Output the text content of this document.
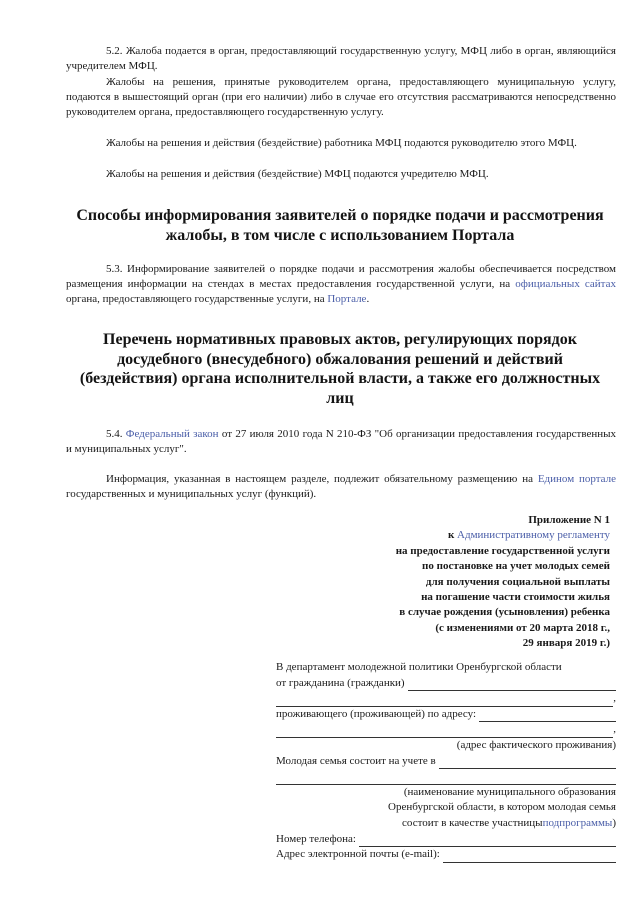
5.2. Жалоба подается в орган, предоставляющий государственную услугу, МФЦ либо в орган, являющийся учредителем МФЦ.

Жалобы на решения, принятые руководителем органа, предоставляющего муниципальную услугу, подаются в вышестоящий орган (при его наличии) либо в случае его отсутствия рассматриваются непосредственно руководителем органа, предоставляющего государственную услугу.

Жалобы на решения и действия (бездействие) работника МФЦ подаются руководителю этого МФЦ.

Жалобы на решения и действия (бездействие) МФЦ подаются учредителю МФЦ.

Способы информирования заявителей о порядке подачи и рассмотрения жалобы, в том числе с использованием Портала

5.3. Информирование заявителей о порядке подачи и рассмотрения жалобы обеспечивается посредством размещения информации на стендах в местах предоставления государственной услуги, на официальных сайтах органа, предоставляющего государственные услуги, на Портале.

Перечень нормативных правовых актов, регулирующих порядок досудебного (внесудебного) обжалования решений и действий (бездействия) органа исполнительной власти, а также его должностных лиц

5.4. Федеральный закон от 27 июля 2010 года N 210-ФЗ "Об организации предоставления государственных и муниципальных услуг".

Информация, указанная в настоящем разделе, подлежит обязательному размещению на Едином портале государственных и муниципальных услуг (функций).

Приложение N 1
к Административному регламенту
на предоставление государственной услуги
по постановке на учет молодых семей
для получения социальной выплаты
на погашение части стоимости жилья
в случае рождения (усыновления) ребенка
(с изменениями от 20 марта 2018 г.,
29 января 2019 г.)
В департамент молодежной политики Оренбургской области
от гражданина (гражданки)
,
проживающего (проживающей) по адресу:
,
(адрес фактического проживания)
Молодая семья состоит на учете в
(наименование муниципального образования
Оренбургской области, в котором молодая семья
состоит в качестве участницы подпрограммы )
Номер телефона:
Адрес электронной почты (e-mail):
